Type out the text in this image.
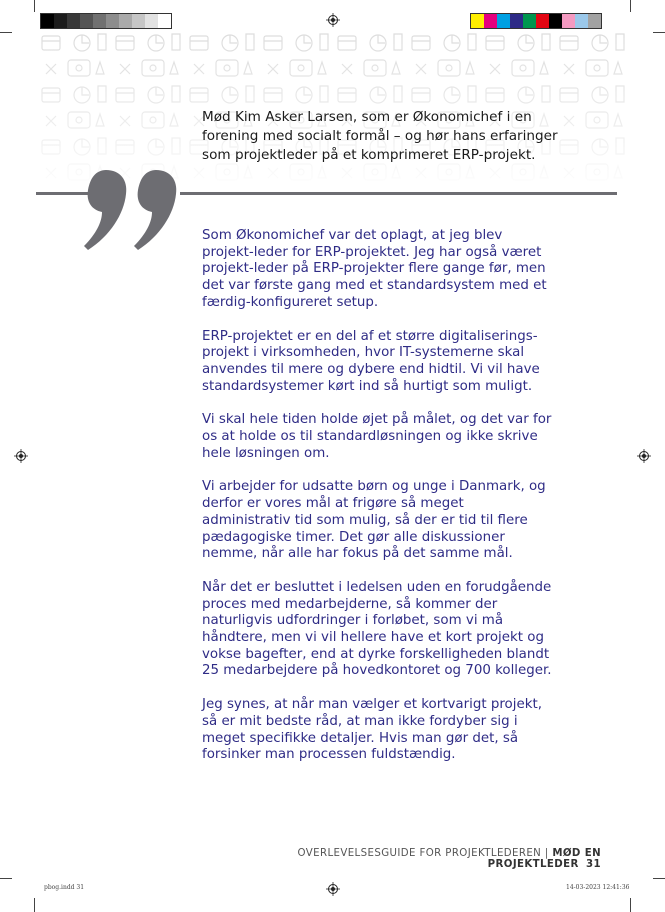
Mød Kim Asker Larsen, som er Økonomichef i en forening med socialt formål – og hør hans erfaringer som projektleder på et komprimeret ERP-projekt.

Som Økonomichef var det oplagt, at jeg blev projekt-leder for ERP-projektet. Jeg har også været projekt-leder på ERP-projekter flere gange før, men det var første gang med et standardsystem med et færdig-konfigureret setup.

ERP-projektet er en del af et større digitaliserings-projekt i virksomheden, hvor IT-systemerne skal anvendes til mere og dybere end hidtil. Vi vil have standardsystemer kørt ind så hurtigt som muligt.

Vi skal hele tiden holde øjet på målet, og det var for os at holde os til standardløsningen og ikke skrive hele løsningen om.

Vi arbejder for udsatte børn og unge i Danmark, og derfor er vores mål at frigøre så meget administrativ tid som mulig, så der er tid til flere pædagogiske timer. Det gør alle diskussioner nemme, når alle har fokus på det samme mål.

Når det er besluttet i ledelsen uden en forudgående proces med medarbejderne, så kommer der naturligvis udfordringer i forløbet, som vi må håndtere, men vi vil hellere have et kort projekt og vokse bagefter, end at dyrke forskelligheden blandt 25 medarbejdere på hovedkontoret og 700 kolleger.

Jeg synes, at når man vælger et kortvarigt projekt, så er mit bedste råd, at man ikke fordyber sig i meget specifikke detaljer. Hvis man gør det, så forsinker man processen fuldstændig.

OVERLEVELSESGUIDE FOR PROJEKTLEDEREN | MØD EN PROJEKTLEDER 31
pbog.indd 31	14-03-2023 12:41:36
